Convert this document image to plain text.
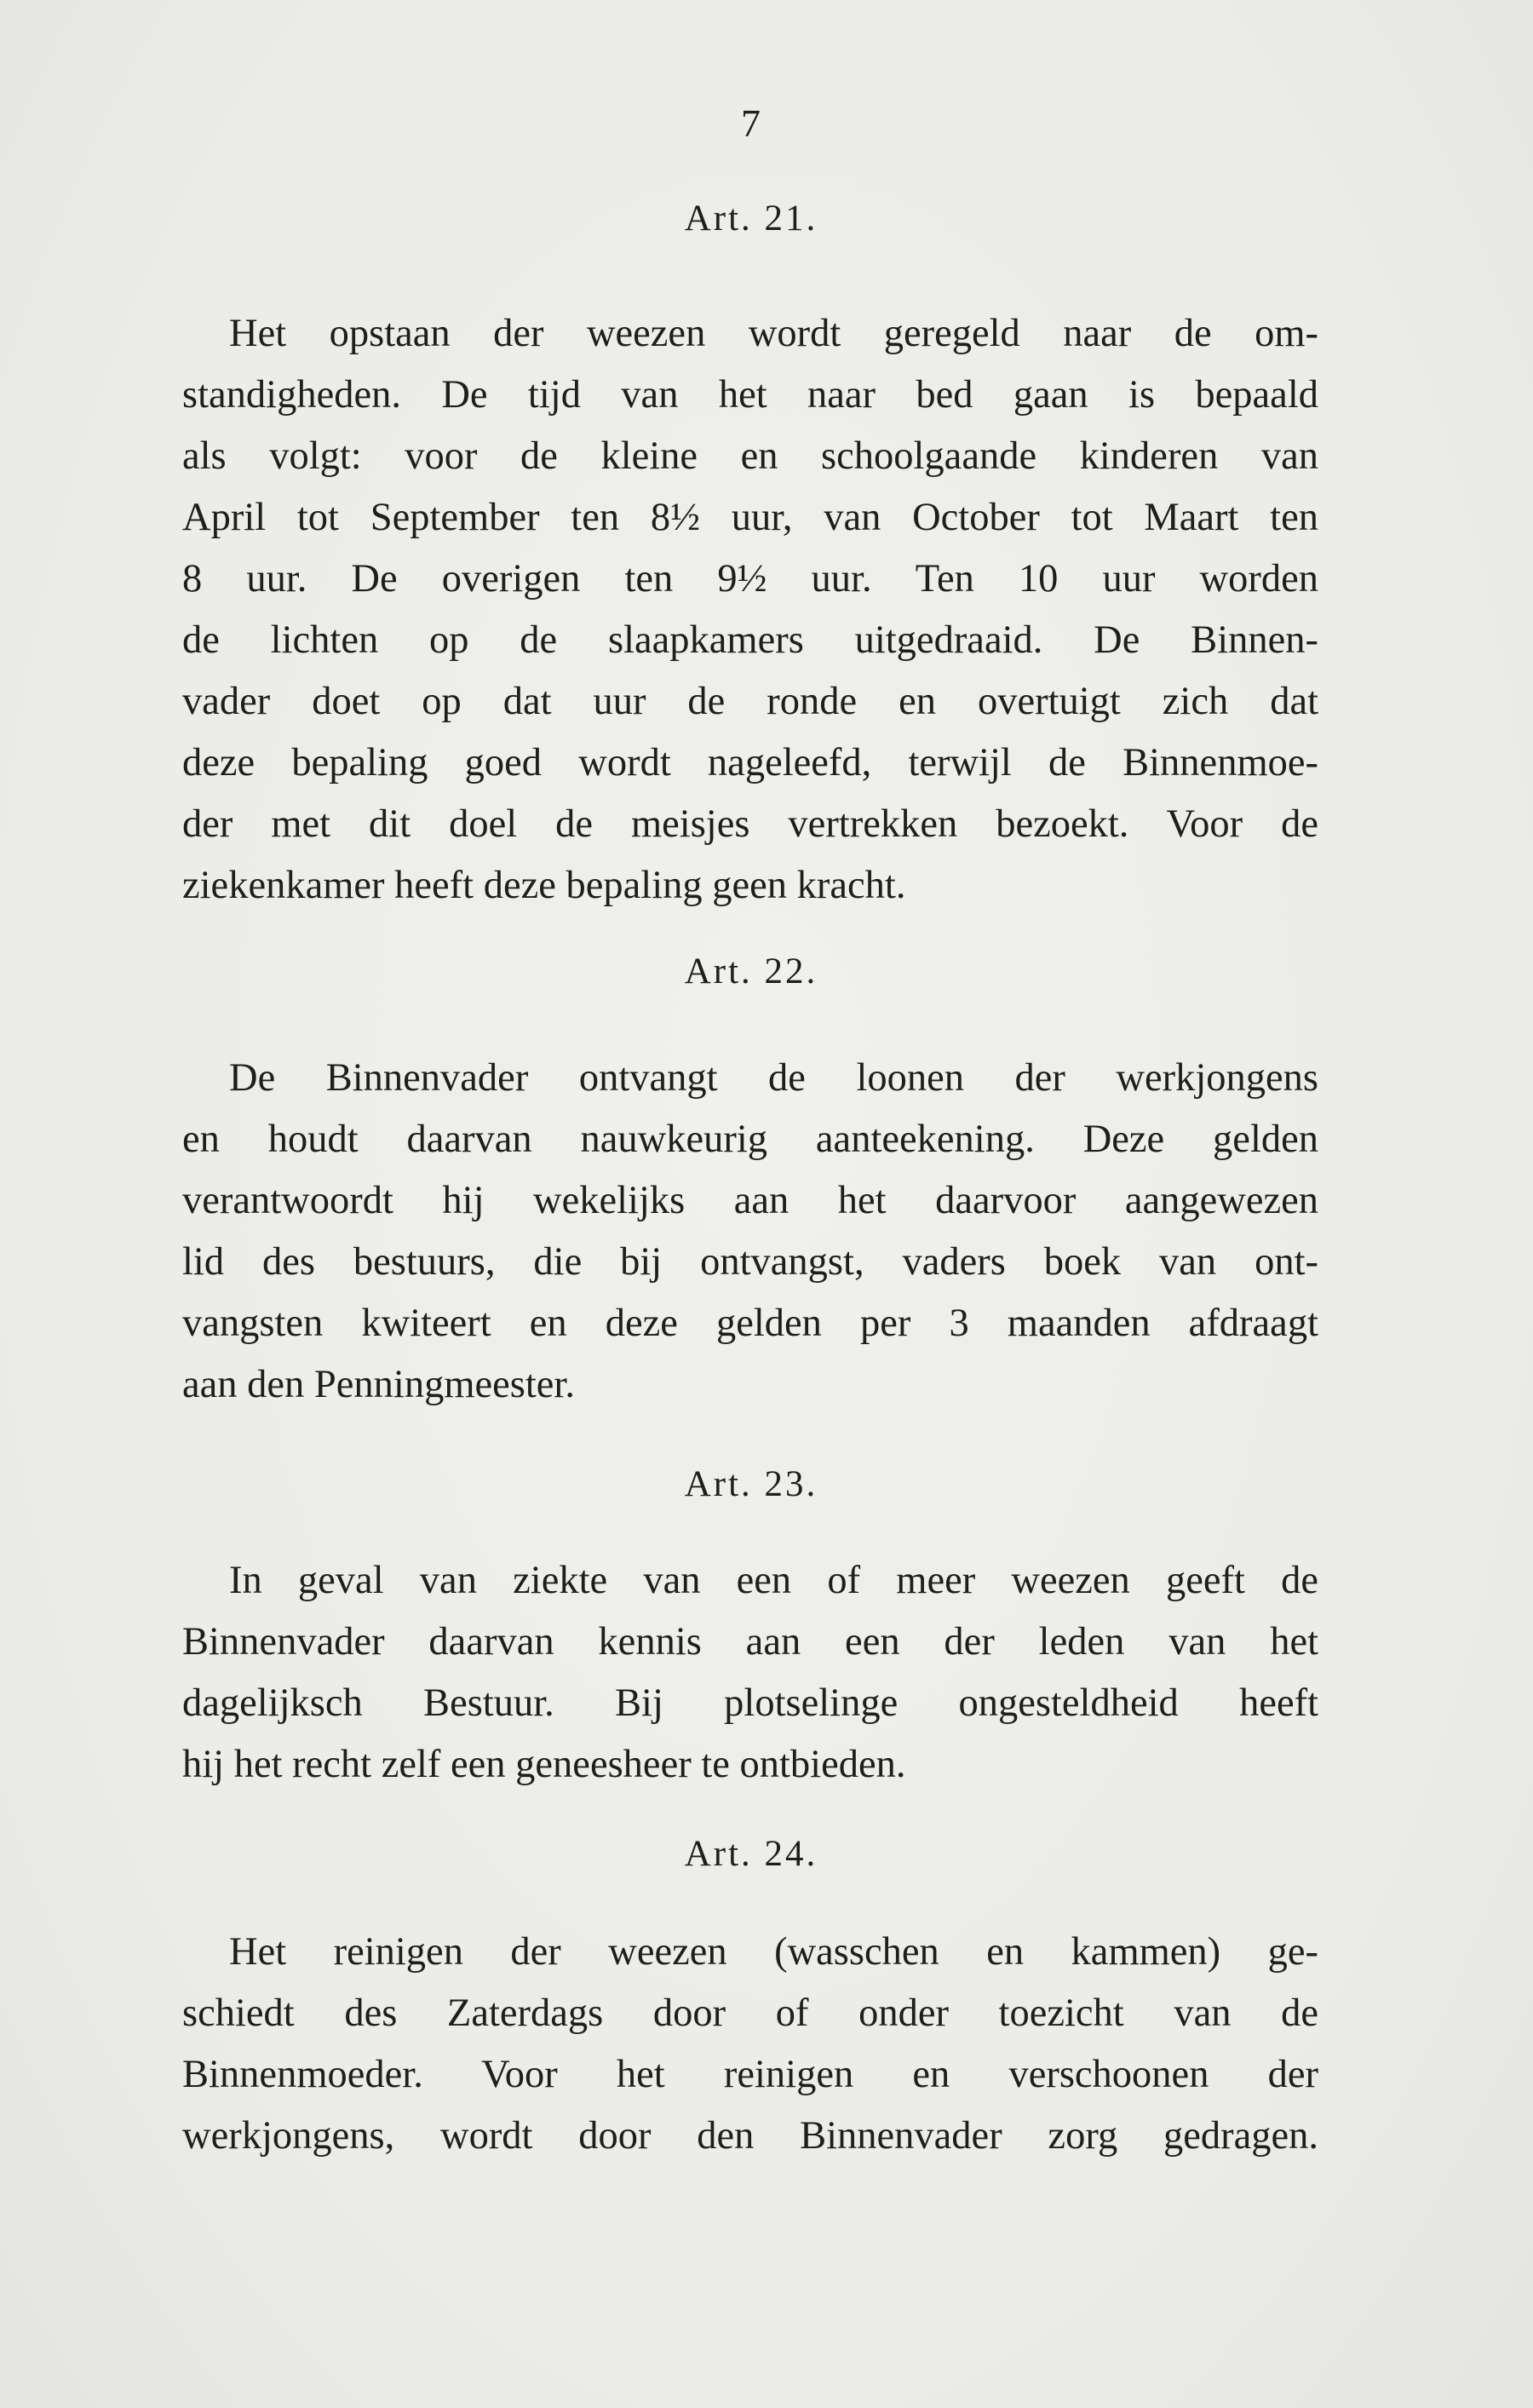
7
Art. 21.
Het opstaan der weezen wordt geregeld naar de om-
standigheden. De tijd van het naar bed gaan is bepaald
als volgt: voor de kleine en schoolgaande kinderen van
April tot September ten 8½ uur, van October tot Maart ten
8 uur. De overigen ten 9½ uur. Ten 10 uur worden
de lichten op de slaapkamers uitgedraaid. De Binnen-
vader doet op dat uur de ronde en overtuigt zich dat
deze bepaling goed wordt nageleefd, terwijl de Binnenmoe-
der met dit doel de meisjes vertrekken bezoekt. Voor de
ziekenkamer heeft deze bepaling geen kracht.
Art. 22.
De Binnenvader ontvangt de loonen der werkjongens
en houdt daarvan nauwkeurig aanteekening. Deze gelden
verantwoordt hij wekelijks aan het daarvoor aangewezen
lid des bestuurs, die bij ontvangst, vaders boek van ont-
vangsten kwiteert en deze gelden per 3 maanden afdraagt
aan den Penningmeester.
Art. 23.
In geval van ziekte van een of meer weezen geeft de
Binnenvader daarvan kennis aan een der leden van het
dagelijksch Bestuur. Bij plotselinge ongesteldheid heeft
hij het recht zelf een geneesheer te ontbieden.
Art. 24.
Het reinigen der weezen (wasschen en kammen) ge-
schiedt des Zaterdags door of onder toezicht van de
Binnenmoeder. Voor het reinigen en verschoonen der
werkjongens, wordt door den Binnenvader zorg gedragen.
